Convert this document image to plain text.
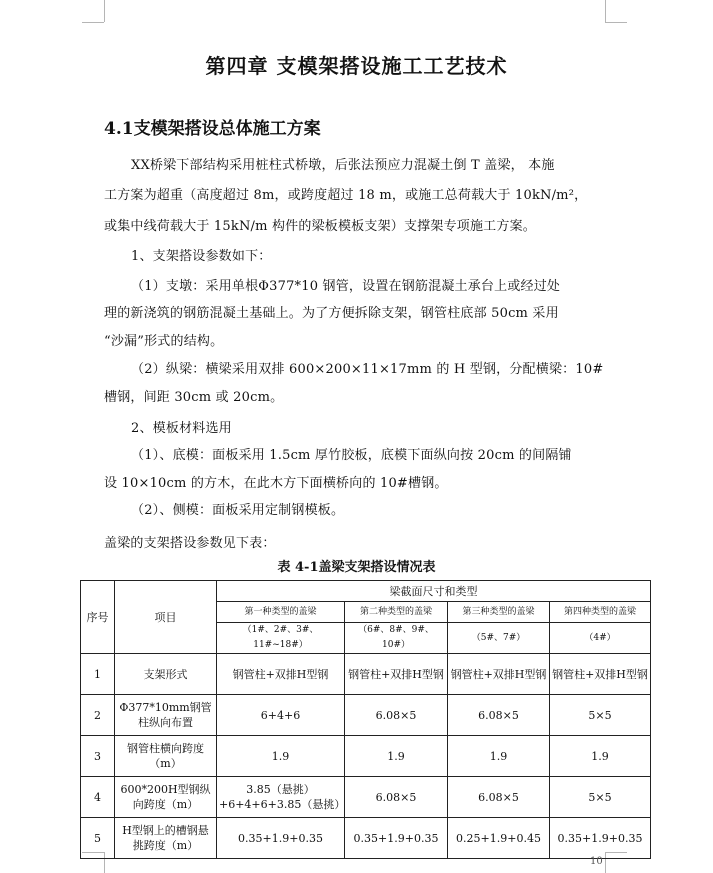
第四章 支模架搭设施工工艺技术
4.1支模架搭设总体施工方案
XX桥梁下部结构采用桩柱式桥墩，后张法预应力混凝土倒 T 盖梁， 本施
工方案为超重（高度超过 8m，或跨度超过 18 m，或施工总荷载大于 10kN/m²，
或集中线荷载大于 15kN/m 构件的梁板模板支架）支撑架专项施工方案。
1、支架搭设参数如下：
（1）支墩：采用单根Φ377*10 钢管，设置在钢筋混凝土承台上或经过处
理的新浇筑的钢筋混凝土基础上。为了方便拆除支架，钢管柱底部 50cm 采用
“沙漏”形式的结构。
（2）纵梁：横梁采用双排 600×200×11×17mm 的 H 型钢，分配横梁：10#
槽钢，间距 30cm 或 20cm。
2、模板材料选用
（1）、底模：面板采用 1.5cm 厚竹胶板，底模下面纵向按 20cm 的间隔铺
设 10×10cm 的方木，在此木方下面横桥向的 10#槽钢。
（2）、侧模：面板采用定制钢模板。
盖梁的支架搭设参数见下表：
表 4-1盖梁支架搭设情况表
序号	项目	梁截面尺寸和类型			
		第一种类型的盖梁	第二种类型的盖梁	第三种类型的盖梁	第四种类型的盖梁
		（1#、2#、3#、11#~18#）	（6#、8#、9#、10#）	（5#、7#）	（4#）
1	支架形式	钢管柱+双排H型钢	钢管柱+双排H型钢	钢管柱+双排H型钢	钢管柱+双排H型钢
2	Φ377*10mm钢管柱纵向布置	6+4+6	6.08×5	6.08×5	5×5
3	钢管柱横向跨度（m）	1.9	1.9	1.9	1.9
4	600*200H型钢纵向跨度（m）	3.85（悬挑）+6+4+6+3.85（悬挑）	6.08×5	6.08×5	5×5
5	H型钢上的槽钢悬挑跨度（m）	0.35+1.9+0.35	0.35+1.9+0.35	0.25+1.9+0.45	0.35+1.9+0.35
10
